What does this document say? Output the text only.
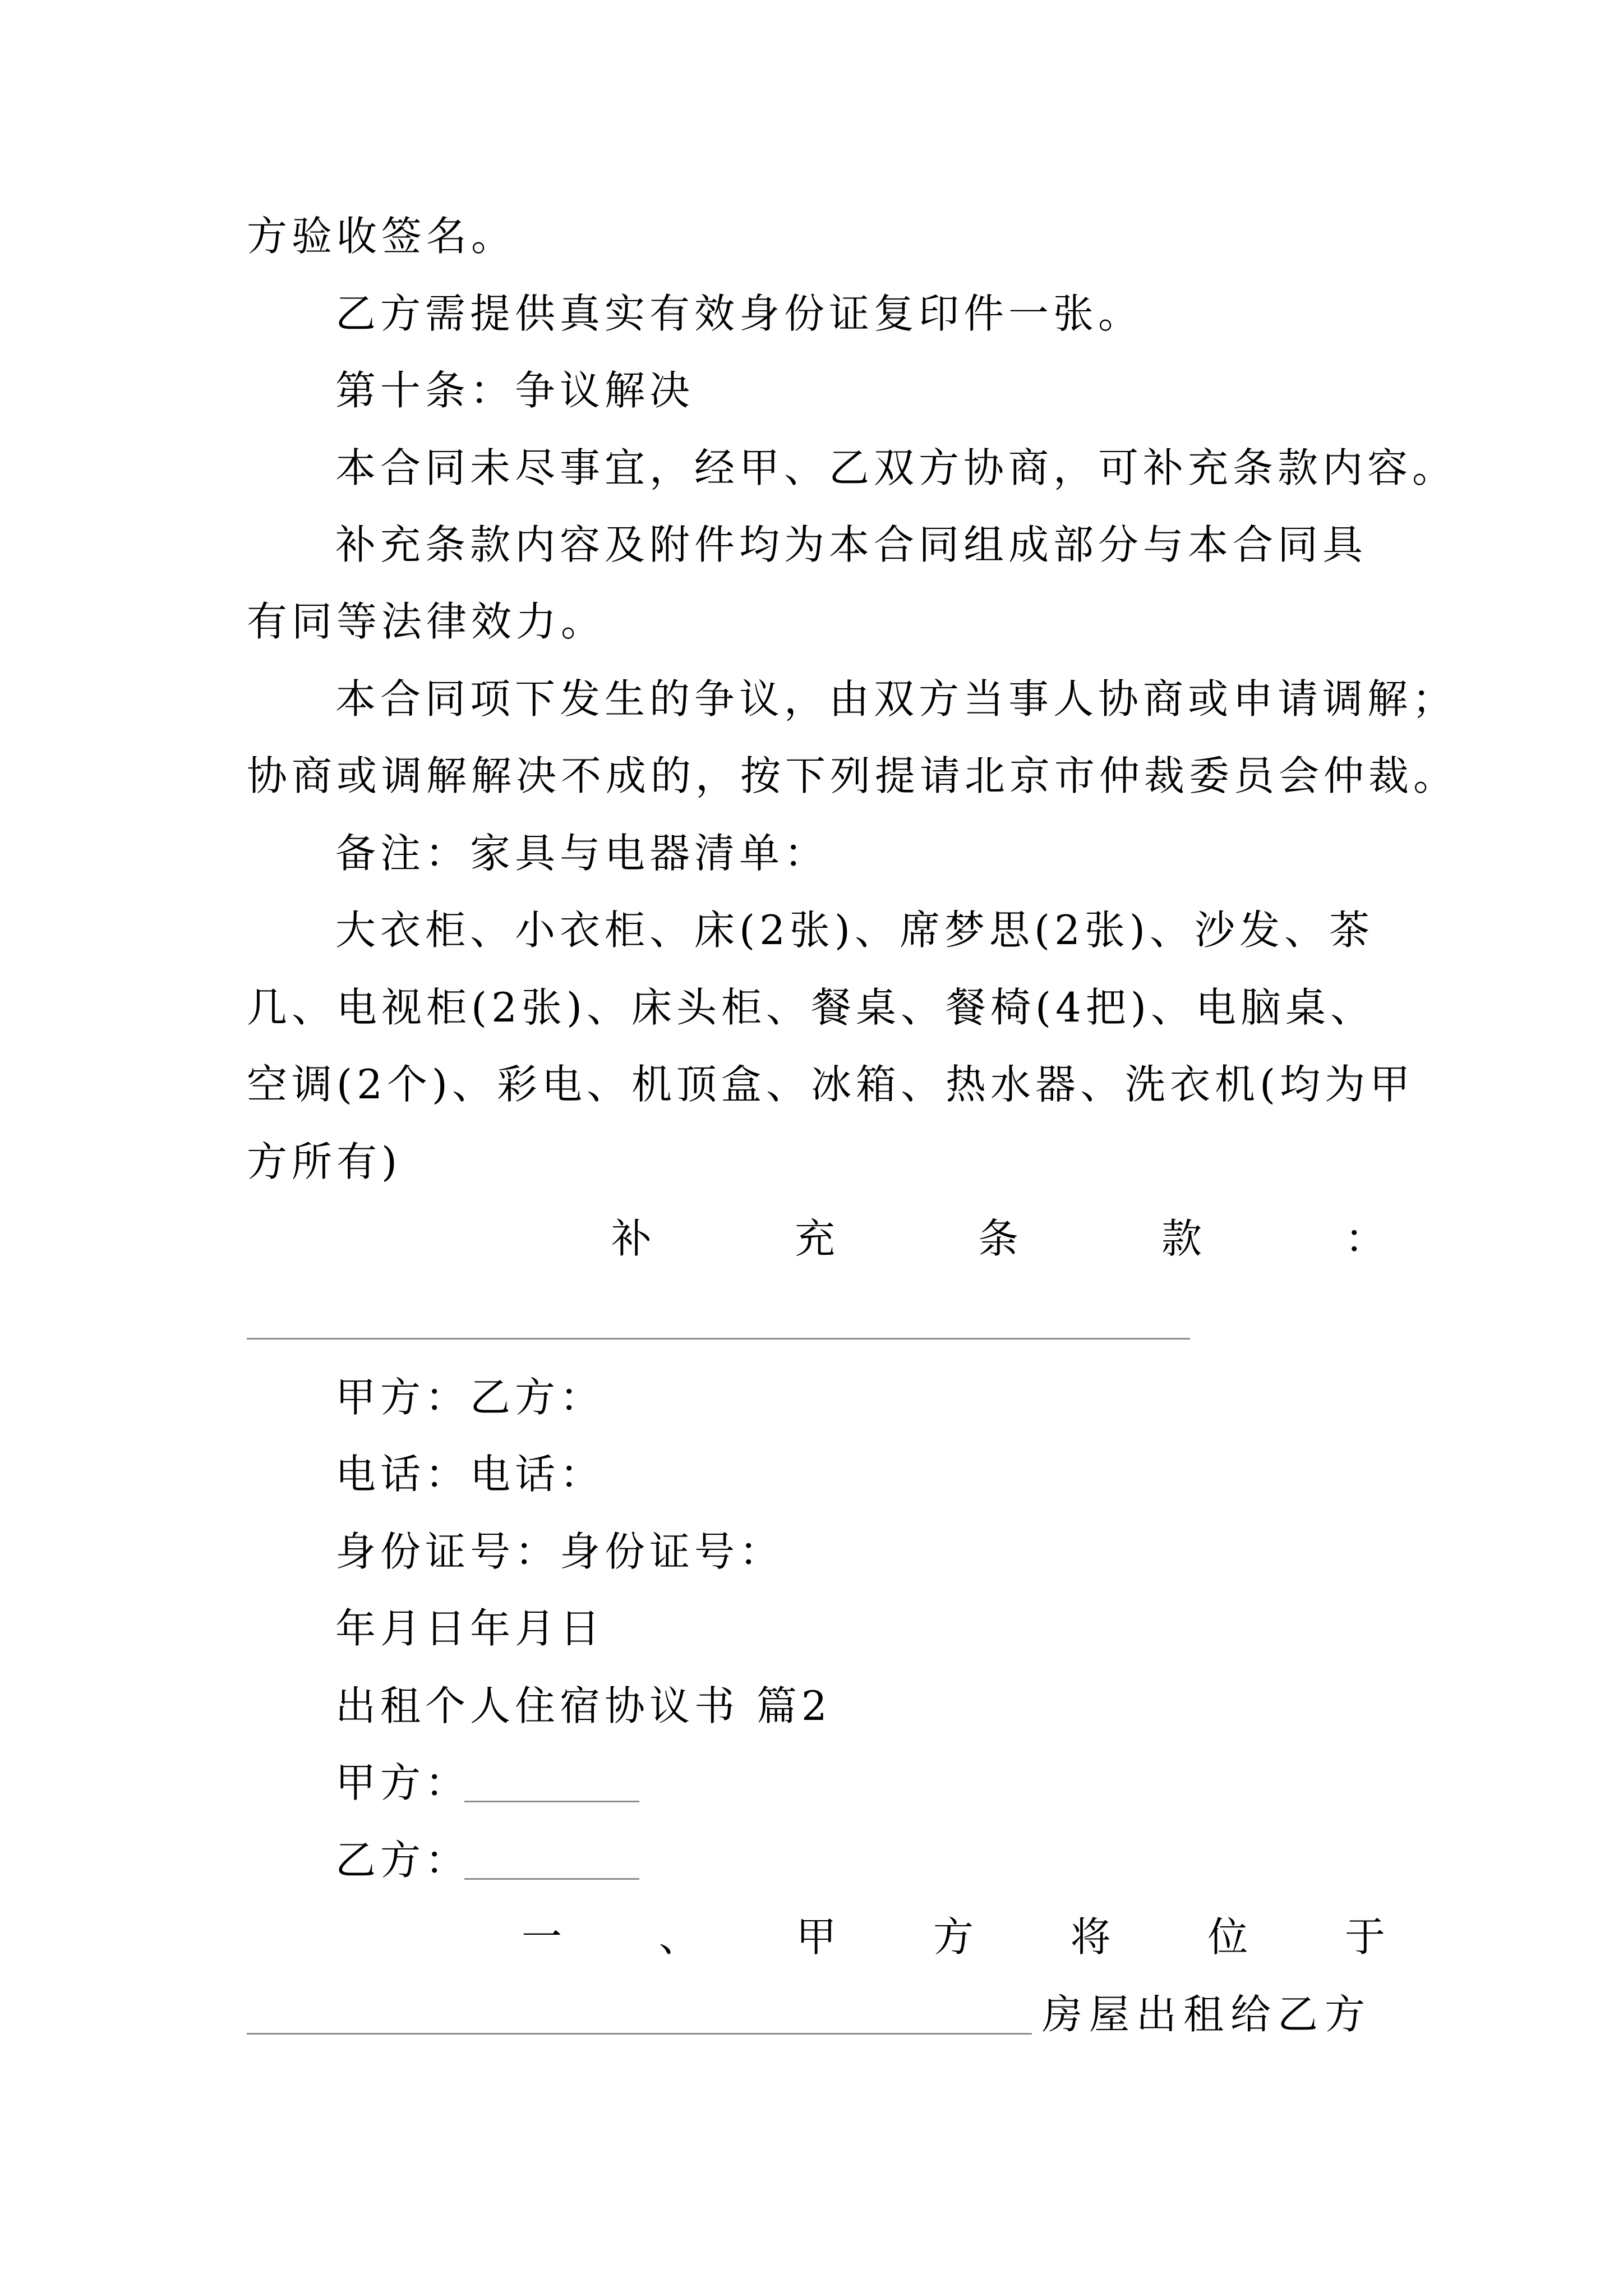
方验收签名。
乙方需提供真实有效身份证复印件一张。
第十条：争议解决
本合同未尽事宜，经甲、乙双方协商，可补充条款内容。
补充条款内容及附件均为本合同组成部分与本合同具
有同等法律效力。
本合同项下发生的争议，由双方当事人协商或申请调解；
协商或调解解决不成的，按下列提请北京市仲裁委员会仲裁。
备注：家具与电器清单：
大衣柜、小衣柜、床(2张)、席梦思(2张)、沙发、茶
几、电视柜(2张)、床头柜、餐桌、餐椅(4把)、电脑桌、
空调(2个)、彩电、机顶盒、冰箱、热水器、洗衣机(均为甲
方所有)
补	充	条	款	：
甲方：乙方：
电话：电话：
身份证号：身份证号：
年月日年月日
出租个人住宿协议书 篇2
甲方：
乙方：
一 、 甲 方 将 位 于
房屋出租给乙方
